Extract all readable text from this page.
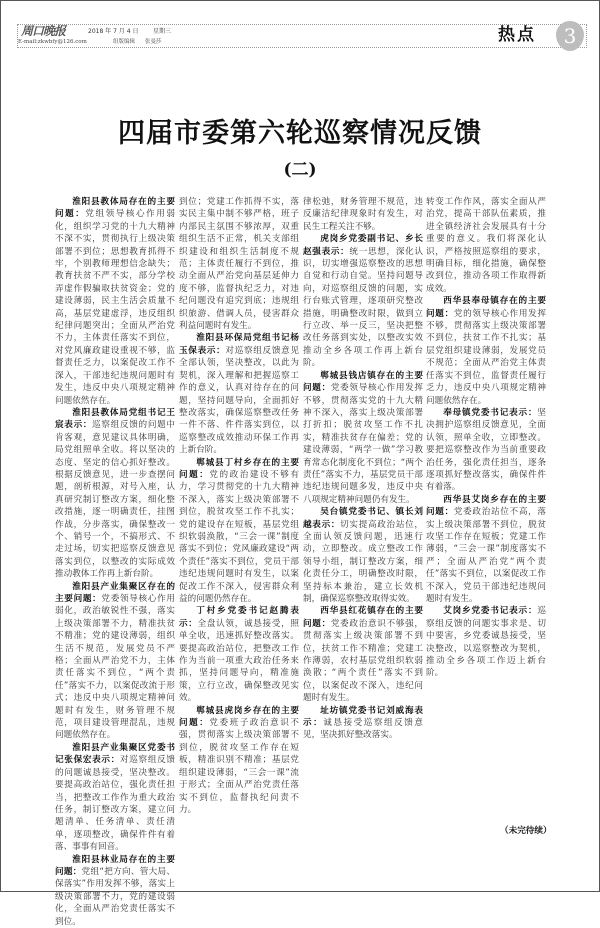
周口晚报	2018 年 7 月 4 日 星期三
E-mail:zkwbfy@126.com	组版编辑 张曼莎	热点	3
四届市委第六轮巡察情况反馈
(二)

淮阳县教体局存在的主要问题：党组领导核心作用弱化，组织学习党的十九大精神不深不实，贯彻执行上级决策部署不到位；思想教育抓得不牢，个别教师理想信念缺失；教育扶贫不严不实，部分学校弄虚作假骗取扶贫资金；党的建设薄弱，民主生活会质量不高，基层党建虚浮，违反组织纪律问题突出；全面从严治党不力，主体责任落实不到位，对党风廉政建设重视不够，监督责任乏力，以案促改工作不深入，干部违纪违规问题时有发生，违反中央八项规定精神问题依然存在。

淮阳县教体局党组书记王宸表示：巡察组反馈的问题中肯客观，意见建议具体明确，局党组照单全收。将以坚决的态度、坚定的信心抓好整改。根据反馈意见，进一步查摆问题，剖析根源，对号入座，认真研究制订整改方案，细化整改措施，逐一明确责任，挂图作战，分步落实，确保整改一个、销号一个，不搞形式、不走过场，切实把巡察反馈意见落实到位，以整改的实际成效推动教体工作再上新台阶。

淮阳县产业集聚区存在的主要问题：党委领导核心作用弱化，政治敏锐性不强，落实上级决策部署不力，精准扶贫不精准；党的建设薄弱，组织生活不规范，发展党员不严格；全面从严治党不力，主体责任落实不到位，“两个责任”落实不力，以案促改流于形式；违反中央八项规定精神问题时有发生，财务管理不规范，项目建设管理混乱，违规问题依然存在。

淮阳县产业集聚区党委书记张保宏表示：对巡察组反馈的问题诚恳接受，坚决整改。要提高政治站位，强化责任担当，把整改工作作为重大政治任务，制订整改方案，建立问题清单、任务清单、责任清单，逐项整改，确保件件有着落、事事有回音。

淮阳县林业局存在的主要问题：党组“把方向、管大局、保落实”作用发挥不够，落实上级决策部署不力，党的建设弱化，全面从严治党责任落实不到位。

到位；党建工作抓得不实，落实民主集中制不够严格，班子内部民主氛围不够浓厚，双重组织生活不正常，机关支部组织建设和组织生活制度不规范；主体责任履行不到位，推动全面从严治党向基层延伸力度不够，监督执纪乏力，对违纪问题没有追究到底；违规组织旅游、借调人员，侵害群众利益问题时有发生。

淮阳县环保局党组书记杨玉保表示：对巡察组反馈意见全部认领，坚决整改，以此为契机，深入理解和把握巡察工作的意义，认真对待存在的问题，坚持问题导向，全面抓好整改落实，确保巡察整改任务一件不落、件件落实到位，以巡察整改成效推动环保工作再上新台阶。

郸城县丁村乡存在的主要问题：党的政治建设不够有力，学习贯彻党的十九大精神不深入，落实上级决策部署不到位，脱贫攻坚工作不扎实；党的建设存在短板，基层党组织软弱涣散，“三会一课”制度落实不到位；党风廉政建设“两个责任”落实不到位，党员干部违纪违规问题时有发生，以案促改工作不深入，侵害群众利益的问题仍然存在。

丁村乡党委书记赵腾表示：全盘认领，诚恳接受，照单全收，迅速抓好整改落实。要提高政治站位，把整改工作作为当前一项重大政治任务来抓，坚持问题导向，精准施策，立行立改，确保整改见实效。

郸城县虎岗乡存在的主要问题：党委班子政治意识不强，贯彻落实上级决策部署不到位，脱贫攻坚工作存在短板，精准识别不精准；基层党组织建设薄弱，“三会一课”流于形式；全面从严治党责任落实不到位，监督执纪问责不力。

律松弛，财务管理不规范，违反廉洁纪律现象时有发生，对民生工程关注不够。

虎岗乡党委副书记、乡长赵强表示：统一思想，深化认识，切实增强巡察整改的思想自觉和行动自觉。坚持问题导向，对巡察组反馈的问题，实行台账式管理，逐项研究整改措施，明确整改时限，做到立行立改、举一反三，坚决把整改任务落到实处，以整改实效推动全乡各项工作再上新台阶。

郸城县钱店镇存在的主要问题：党委领导核心作用发挥不够，贯彻落实党的十九大精神不深入，落实上级决策部署打折扣；脱贫攻坚工作不扎实，精准扶贫存在偏差；党的建设薄弱，“两学一做”学习教育常态化制度化不到位；“两个责任”落实不力，基层党员干部违纪违规问题多发，违反中央八项规定精神问题仍有发生。

吴台镇党委书记、镇长刘越表示：切实提高政治站位，全面认领反馈问题，迅速行动，立即整改。成立整改工作领导小组，制订整改方案，细化责任分工，明确整改时限，坚持标本兼治，建立长效机制，确保巡察整改取得实效。

西华县红花镇存在的主要问题：党委政治意识不够强，贯彻落实上级决策部署不到位，扶贫工作不精准；党建工作薄弱，农村基层党组织软弱涣散；“两个责任”落实不到位，以案促改不深入，违纪问题时有发生。

址坊镇党委书记刘威海表示：诚恳接受巡察组反馈意见，坚决抓好整改落实。

转变工作作风，落实全面从严治党，提高干部队伍素质，推进全镇经济社会发展具有十分重要的意义。我们将深化认识，严格按照巡察组的要求，明确目标，细化措施，确保整改到位，推动各项工作取得新成效。

西华县奉母镇存在的主要问题：党的领导核心作用发挥不够，贯彻落实上级决策部署不到位，扶贫工作不扎实；基层党组织建设薄弱，发展党员不规范；全面从严治党主体责任落实不到位，监督责任履行乏力，违反中央八项规定精神问题依然存在。

奉母镇党委书记表示：坚决拥护巡察组反馈意见，全面认领，照单全收，立即整改。要把巡察整改作为当前重要政治任务，强化责任担当，逐条逐项抓好整改落实，确保件件有着落。

西华县艾岗乡存在的主要问题：党委政治站位不高，落实上级决策部署不到位，脱贫攻坚工作存在短板；党建工作薄弱，“三会一课”制度落实不严；全面从严治党“两个责任”落实不到位，以案促改工作不深入，党员干部违纪违规问题时有发生。

艾岗乡党委书记表示：巡察组反馈的问题实事求是、切中要害，乡党委诚恳接受，坚决整改，以巡察整改为契机，推动全乡各项工作迈上新台阶。

（未完待续）
